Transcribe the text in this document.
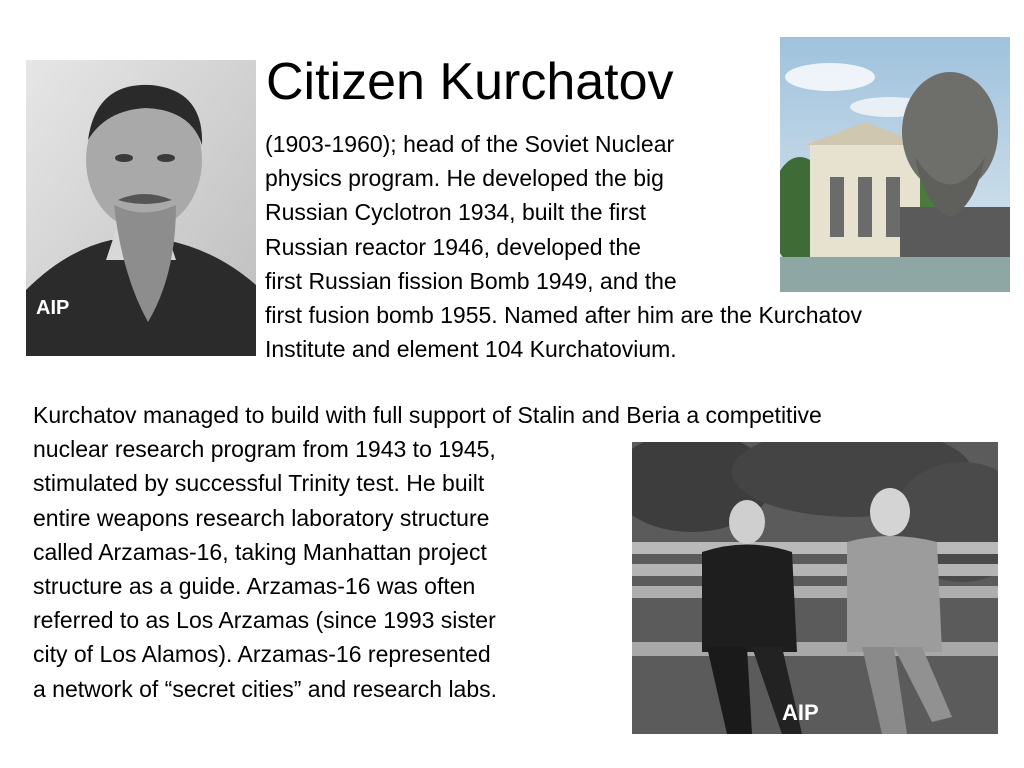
Citizen Kurchatov

(1903-1960); head of the Soviet Nuclear
physics program. He developed the big
Russian Cyclotron 1934, built the first
Russian reactor 1946, developed the
first Russian fission Bomb 1949, and the
first fusion bomb 1955. Named after him are the Kurchatov
Institute and element 104 Kurchatovium.

Kurchatov managed to build with full support of Stalin and Beria a competitive
nuclear research program from 1943 to 1945,
stimulated by successful Trinity test. He built
entire weapons research laboratory structure
called Arzamas-16, taking Manhattan project
structure as a guide. Arzamas-16 was often
referred to as Los Arzamas (since 1993 sister
city of Los Alamos). Arzamas-16 represented
a network of “secret cities” and research labs.

AIP
AIP
